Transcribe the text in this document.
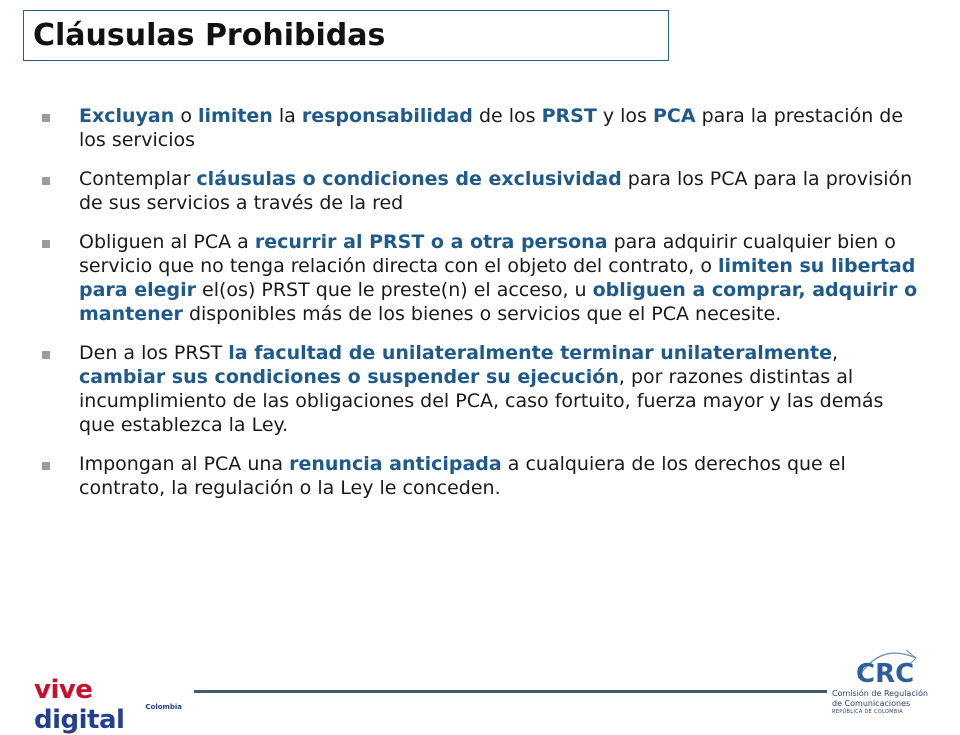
Cláusulas Prohibidas
Excluyan o limiten la responsabilidad de los PRST y los PCA para la prestación de los servicios
Contemplar cláusulas o condiciones de exclusividad para los PCA para la provisión de sus servicios a través de la red
Obliguen al PCA a recurrir al PRST o a otra persona para adquirir cualquier bien o servicio que no tenga relación directa con el objeto del contrato, o limiten su libertad para elegir el(os) PRST que le preste(n) el acceso, u obliguen a comprar, adquirir o mantener disponibles más de los bienes o servicios que el PCA necesite.
Den a los PRST la facultad de unilateralmente terminar unilateralmente, cambiar sus condiciones o suspender su ejecución, por razones distintas al incumplimiento de las obligaciones del PCA, caso fortuito, fuerza mayor y las demás que establezca la Ley.
Impongan al PCA una renuncia anticipada a cualquiera de los derechos que el contrato, la regulación o la Ley le conceden.
vive digital	Colombia
CRC
Comisión de Regulación
de Comunicaciones
REPÚBLICA DE COLOMBIA
